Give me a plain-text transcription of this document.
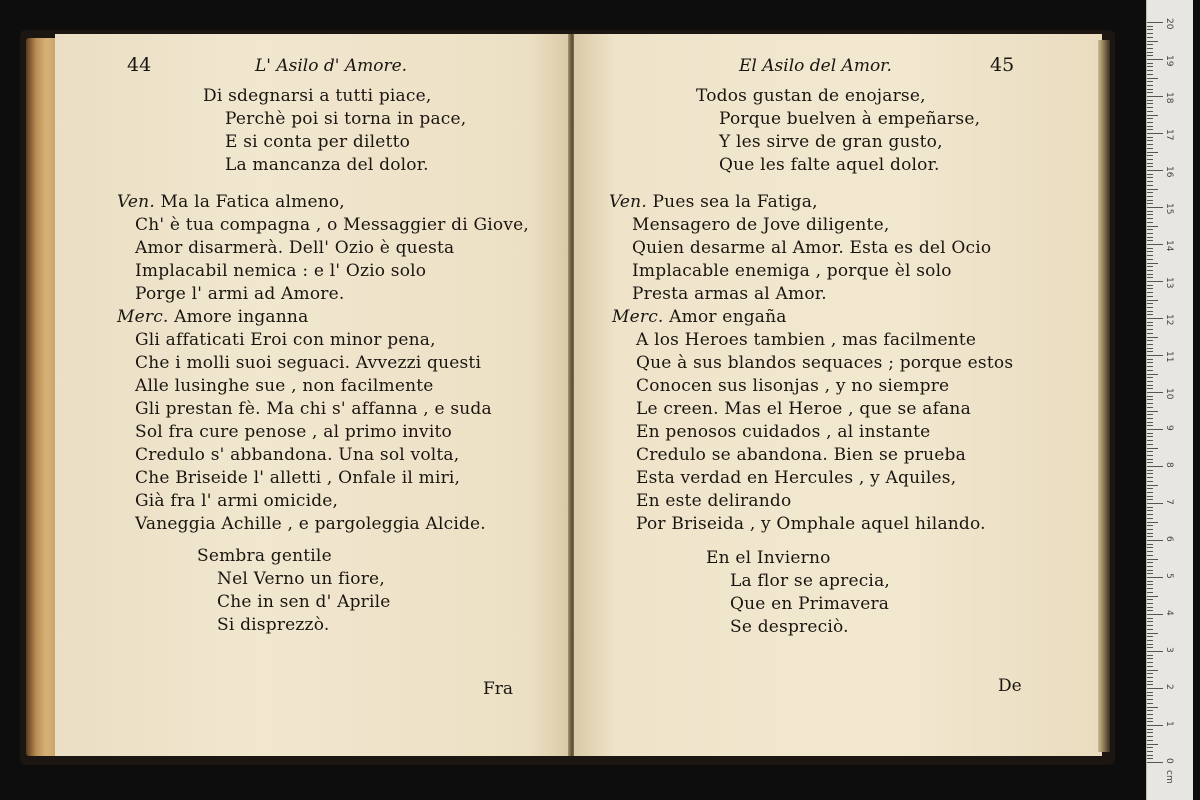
44	L' Asilo d' Amore.
Di sdegnarsi a tutti piace,
Perchè poi si torna in pace,
E si conta per diletto
La mancanza del dolor.
Ven. Ma la Fatica almeno,
Ch' è tua compagna , o Messaggier di Giove,
Amor disarmerà. Dell' Ozio è questa
Implacabil nemica : e l' Ozio solo
Porge l' armi ad Amore.
Merc. Amore inganna
Gli affaticati Eroi con minor pena,
Che i molli suoi seguaci. Avvezzi questi
Alle lusinghe sue , non facilmente
Gli prestan fè. Ma chi s' affanna , e suda
Sol fra cure penose , al primo invito
Credulo s' abbandona. Una sol volta,
Che Briseide l' alletti , Onfale il miri,
Già fra l' armi omicide,
Vaneggia Achille , e pargoleggia Alcide.
Sembra gentile
Nel Verno un fiore,
Che in sen d' Aprile
Si disprezzò.
Fra
El Asilo del Amor.	45
Todos gustan de enojarse,
Porque buelven à empeñarse,
Y les sirve de gran gusto,
Que les falte aquel dolor.
Ven. Pues sea la Fatiga,
Mensagero de Jove diligente,
Quien desarme al Amor. Esta es del Ocio
Implacable enemiga , porque èl solo
Presta armas al Amor.
Merc. Amor engaña
A los Heroes tambien , mas facilmente
Que à sus blandos sequaces ; porque estos
Conocen sus lisonjas , y no siempre
Le creen. Mas el Heroe , que se afana
En penosos cuidados , al instante
Credulo se abandona. Bien se prueba
Esta verdad en Hercules , y Aquiles,
En este delirando
Por Briseida , y Omphale aquel hilando.
En el Invierno
La flor se aprecia,
Que en Primavera
Se despreciò.
De
0
1
2
3
4
5
6
7
8
9
10
11
12
13
14
15
16
17
18
19
20
cm
